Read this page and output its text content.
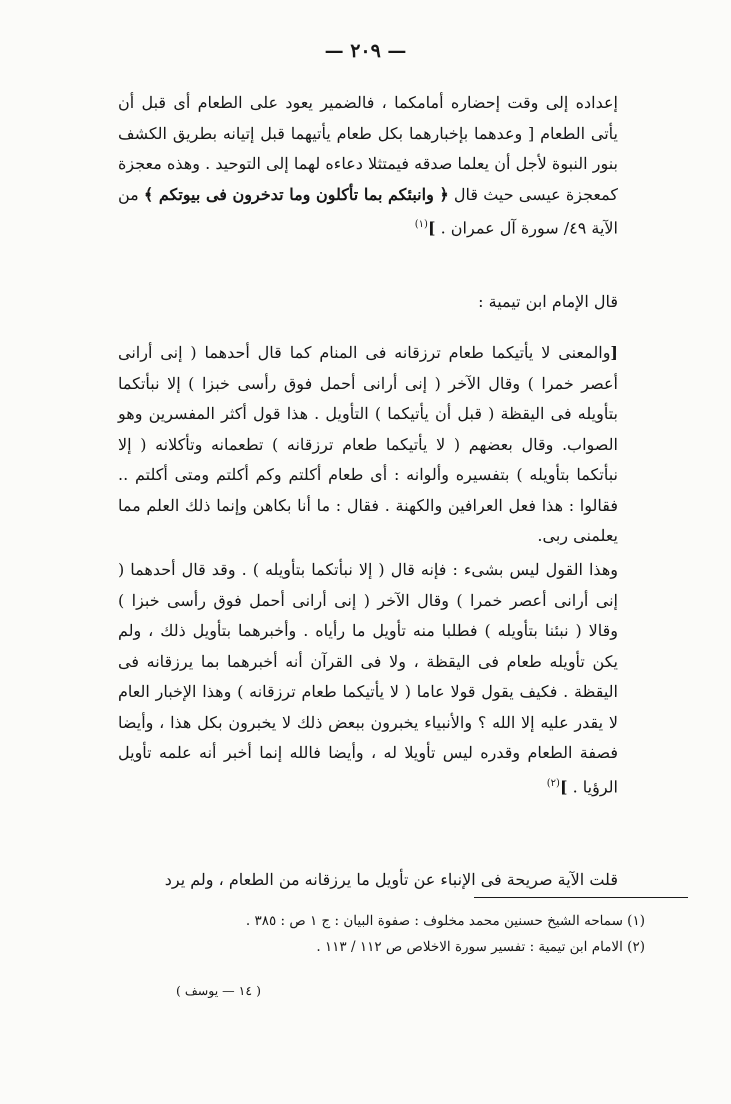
— ٢٠٩ —
إعداده إلى وقت إحضاره أمامكما ، فالضمير يعود على الطعام أى قبل أن يأتى الطعام [ وعدهما بإخبارهما بكل طعام يأتيهما قبل إتيانه بطريق الكشف بنور النبوة لأجل أن يعلما صدقه فيمتثلا دعاءه لهما إلى التوحيد . وهذه معجزة كمعجزة عيسى حيث قال ﴿ وانبئكم بما تأكلون وما تدخرون فى بيوتكم ﴾ من الآية ٤٩/ سورة آل عمران . ]$^{(١)}$
قال الإمام ابن تيمية :
[والمعنى لا يأتيكما طعام ترزقانه فى المنام كما قال أحدهما ( إنى أرانى أعصر خمرا ) وقال الآخر ( إنى أرانى أحمل فوق رأسى خبزا ) إلا نبأتكما بتأويله فى اليقظة ( قبل أن يأتيكما ) التأويل . هذا قول أكثر المفسرين وهو الصواب. وقال بعضهم ( لا يأتيكما طعام ترزقانه ) تطعمانه وتأكلانه ( إلا نبأتكما بتأويله ) بتفسيره وألوانه : أى طعام أكلتم وكم أكلتم ومتى أكلتم .. فقالوا : هذا فعل العرافين والكهنة . فقال : ما أنا بكاهن وإنما ذلك العلم مما يعلمنى ربى.
وهذا القول ليس بشىء : فإنه قال ( إلا نبأتكما بتأويله ) . وقد قال أحدهما ( إنى أرانى أعصر خمرا ) وقال الآخر ( إنى أرانى أحمل فوق رأسى خبزا ) وقالا ( نبئنا بتأويله ) فطلبا منه تأويل ما رأياه . وأخبرهما بتأويل ذلك ، ولم يكن تأويله طعام فى اليقظة ، ولا فى القرآن أنه أخبرهما بما يرزقانه فى اليقظة . فكيف يقول قولا عاما ( لا يأتيكما طعام ترزقانه ) وهذا الإخبار العام لا يقدر عليه إلا الله ؟ والأنبياء يخبرون ببعض ذلك لا يخبرون بكل هذا ، وأيضا فصفة الطعام وقدره ليس تأويلا له ، وأيضا فالله إنما أخبر أنه علمه تأويل الرؤيا . ]$^{(٢)}$
قلت الآية صريحة فى الإنباء عن تأويل ما يرزقانه من الطعام ، ولم يرد
(١) سماحه الشيخ حسنين محمد مخلوف : صفوة البيان : ج ١ ص : ٣٨٥ .
(٢) الامام ابن تيمية : تفسير سورة الاخلاص ص ١١٢ / ١١٣ .
( ١٤ — يوسف )
